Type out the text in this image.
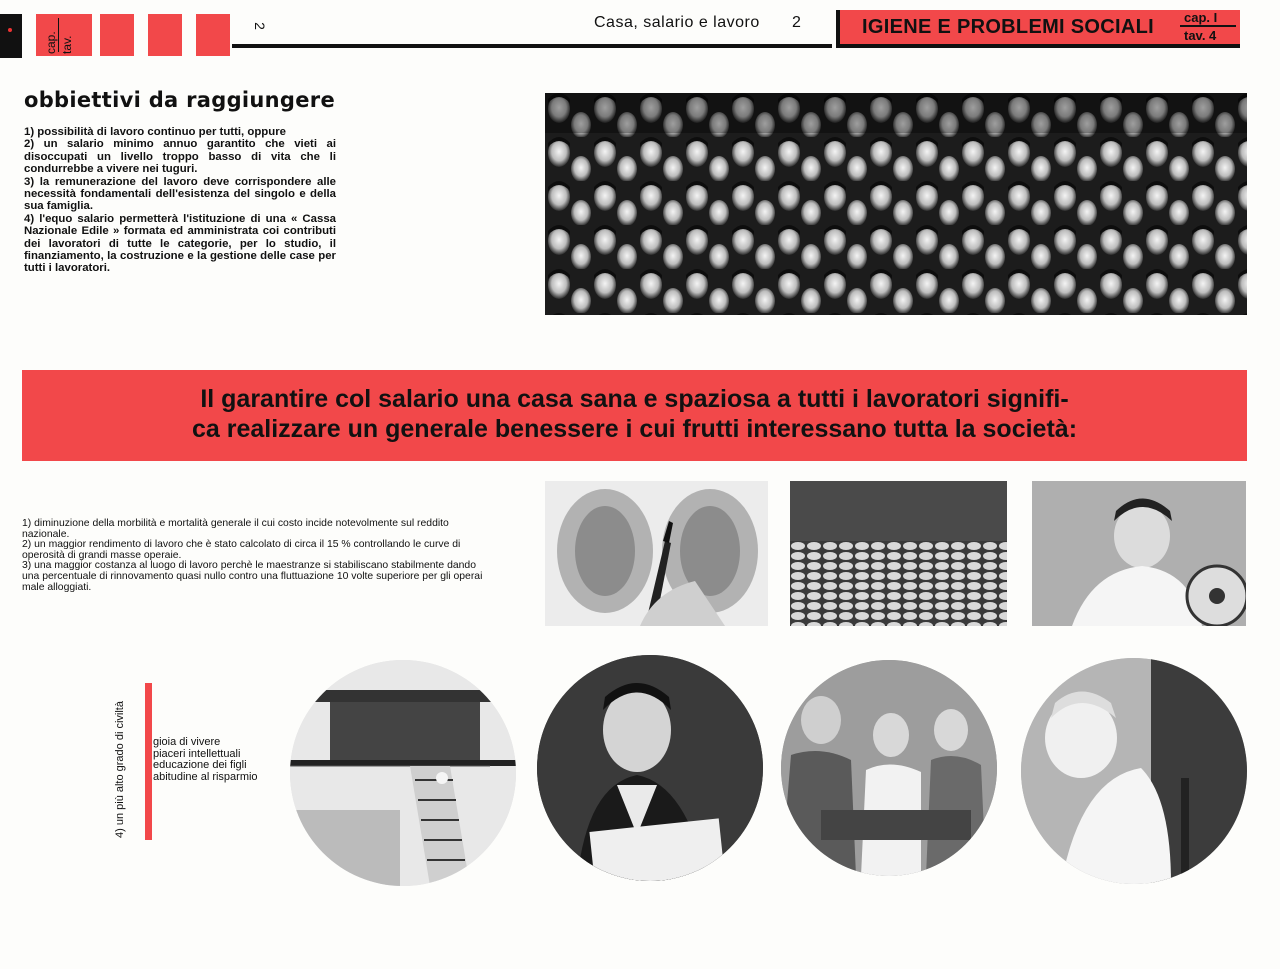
cap. tav.
2	Casa, salario e lavoro 2	IGIENE E PROBLEMI SOCIALI cap. I
tav. 4
obbiettivi da raggiungere

1) possibilità di lavoro continuo per tutti, oppure

2) un salario minimo annuo garantito che vieti ai disoccupati un livello troppo basso di vita che li condurrebbe a vivere nei tuguri.

3) la remunerazione del lavoro deve corrispondere alle necessità fondamentali dell'esistenza del singolo e della sua famiglia.

4) l'equo salario permetterà l'istituzione di una « Cassa Nazionale Edile » formata ed amministrata coi contributi dei lavoratori di tutte le categorie, per lo studio, il finanziamento, la costruzione e la gestione delle case per tutti i lavoratori.

Il garantire col salario una casa sana e spaziosa a tutti i lavoratori signifi-

ca realizzare un generale benessere i cui frutti interessano tutta la società:

1) diminuzione della morbilità e mortalità generale il cui costo incide notevolmente sul reddito nazionale.

2) un maggior rendimento di lavoro che è stato calcolato di circa il 15 % controllando le curve di operosità di grandi masse operaie.

3) una maggior costanza al luogo di lavoro perchè le maestranze si stabiliscano stabilmente dando una percentuale di rinnovamento quasi nullo contro una fluttuazione 10 volte superiore per gli operai male alloggiati.

4) un più alto grado di civiltà gioia di vivere

piaceri intellettuali

educazione dei figli

abitudine al risparmio
